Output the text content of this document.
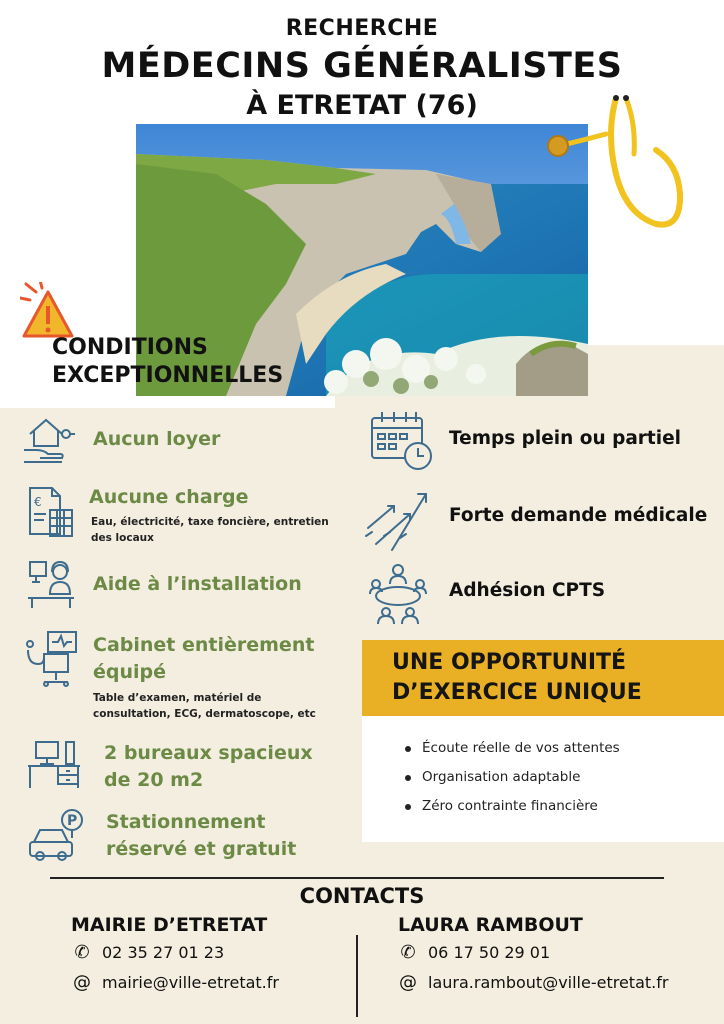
RECHERCHE
MÉDECINS GÉNÉRALISTES
À ETRETAT (76)
CONDITIONS
EXCEPTIONNELLES
Aucun loyer
€ Aucune charge
Eau, électricité, taxe foncière, entretien des locaux
Aide à l’installation
Cabinet entièrement équipé
Table d’examen, matériel de consultation, ECG, dermatoscope, etc
2 bureaux spacieux de 20 m2
P Stationnement réservé et gratuit
Temps plein ou partiel
Forte demande médicale
Adhésion CPTS
UNE OPPORTUNITÉ
D’EXERCICE UNIQUE
Écoute réelle de vos attentes
Organisation adaptable
Zéro contrainte financière
CONTACTS
MAIRIE D’ETRETAT
✆ 02 35 27 01 23
@ mairie@ville-etretat.fr
LAURA RAMBOUT
✆ 06 17 50 29 01
@ laura.rambout@ville-etretat.fr
